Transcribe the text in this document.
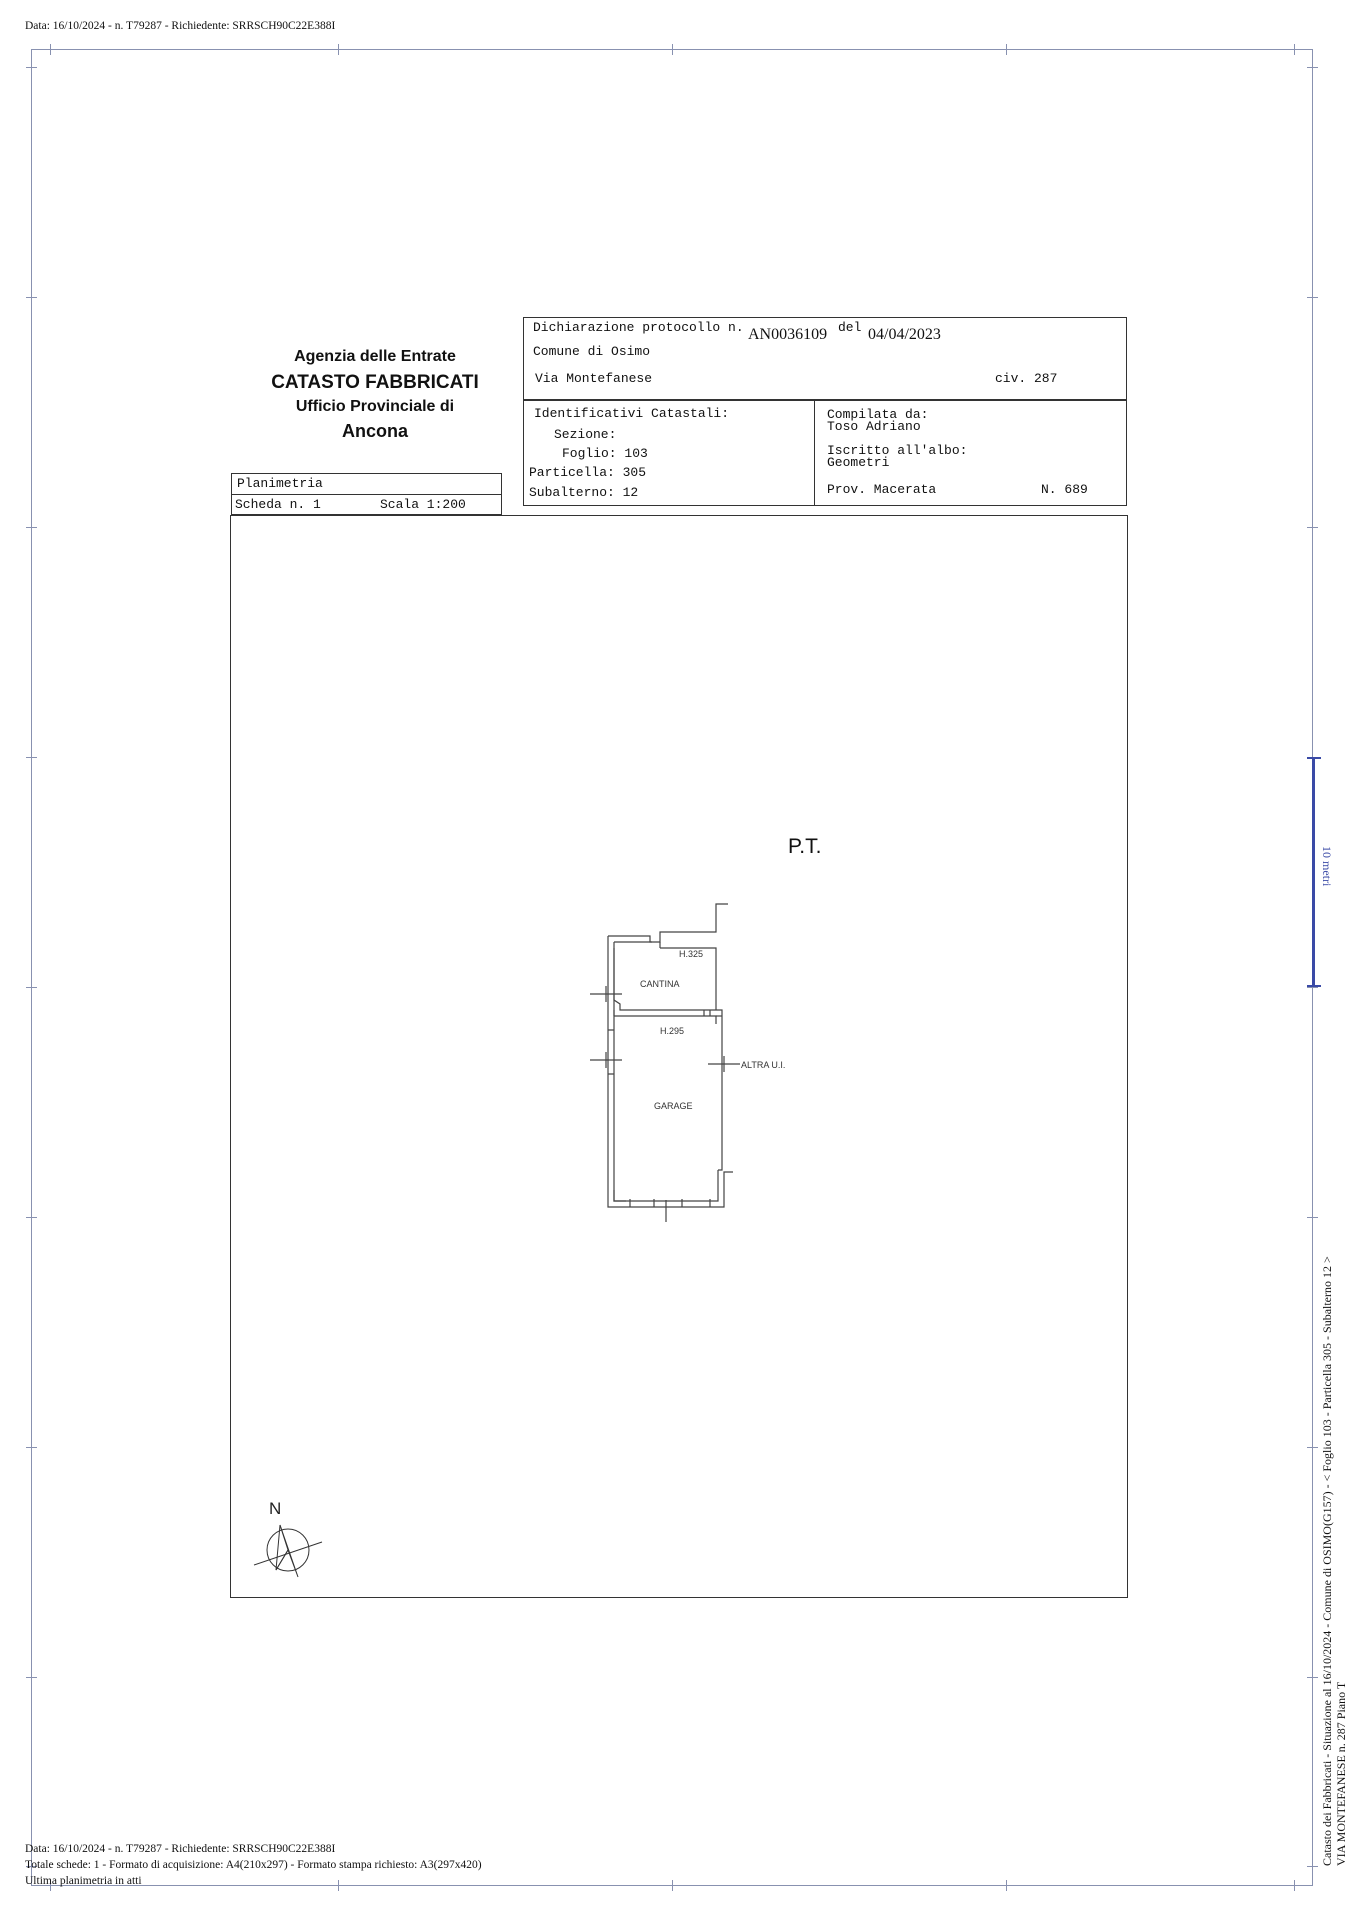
Data: 16/10/2024 - n. T79287 - Richiedente: SRRSCH90C22E388I
10 metri
Agenzia delle Entrate
CATASTO FABBRICATI
Ufficio Provinciale di
Ancona
Dichiarazione protocollo n. AN0036109 del 04/04/2023
Comune di Osimo
Via Montefanese	civ. 287
Identificativi Catastali:
Sezione:
Foglio: 103
Particella: 305
Subalterno: 12
Compilata da:
Toso Adriano
Iscritto all'albo:
Geometri
Prov. Macerata	N. 689
Planimetria
Scheda n. 1	Scala 1:200
P.T.
H.325
CANTINA
H.295
GARAGE
ALTRA U.I.
N	Catasto dei Fabbricati - Situazione al 16/10/2024 - Comune di OSIMO(G157) - < Foglio 103 - Particella 305 - Subalterno 12 > VIA MONTEFANESE n. 287 Piano T
Data: 16/10/2024 - n. T79287 - Richiedente: SRRSCH90C22E388I
Totale schede: 1 - Formato di acquisizione: A4(210x297) - Formato stampa richiesto: A3(297x420)
Ultima planimetria in atti
